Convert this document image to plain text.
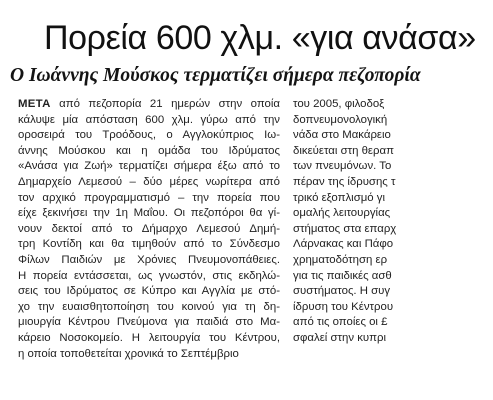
Πορεία 600 χλμ. «για ανάσα»
Ο Ιωάννης Μούσκος τερματίζει σήμερα πεζοπορία
ΜΕΤΑ από πεζοπορία 21 ημερών στην οποία
κάλυψε μία απόσταση 600 χλμ. γύρω από την
οροσειρά του Τροόδους, ο Αγγλοκύπριος Ιω-
άννης Μούσκου και η ομάδα του Ιδρύματος
«Ανάσα για Ζωή» τερματίζει σήμερα έξω από το
Δημαρχείο Λεμεσού – δύο μέρες νωρίτερα από
τον αρχικό προγραμματισμό – την πορεία που
είχε ξεκινήσει την 1η Μαΐου. Οι πεζοπόροι θα γί-
νουν δεκτοί από το Δήμαρχο Λεμεσού Δημή-
τρη Κοντίδη και θα τιμηθούν από το Σύνδεσμο
Φίλων Παιδιών με Χρόνιες Πνευμονοπάθειες.
Η πορεία εντάσσεται, ως γνωστόν, στις εκδηλώ-
σεις του Ιδρύματος σε Κύπρο και Αγγλία με στό-
χο την ευαισθητοποίηση του κοινού για τη δη-
μιουργία Κέντρου Πνεύμονα για παιδιά στο Μα-
κάρειο Νοσοκομείο. Η λειτουργία του Κέντρου,
η οποία τοποθετείται χρονικά το Σεπτέμβριο
του 2005, φιλοδοξ
δοπνευμονολογική
νάδα στο Μακάρειο
δικεύεται στη θεραπ
των πνευμόνων. Το
πέραν της ίδρυσης τ
τρικό εξοπλισμό γι
ομαλής λειτουργίας
στήματος στα επαρχ
Λάρνακας και Πάφο
χρηματοδότηση ερ
για τις παιδικές ασθ
συστήματος. Η συγ
ίδρυση του Κέντρου
από τις οποίες οι £
σφαλεί στην κυπρι
